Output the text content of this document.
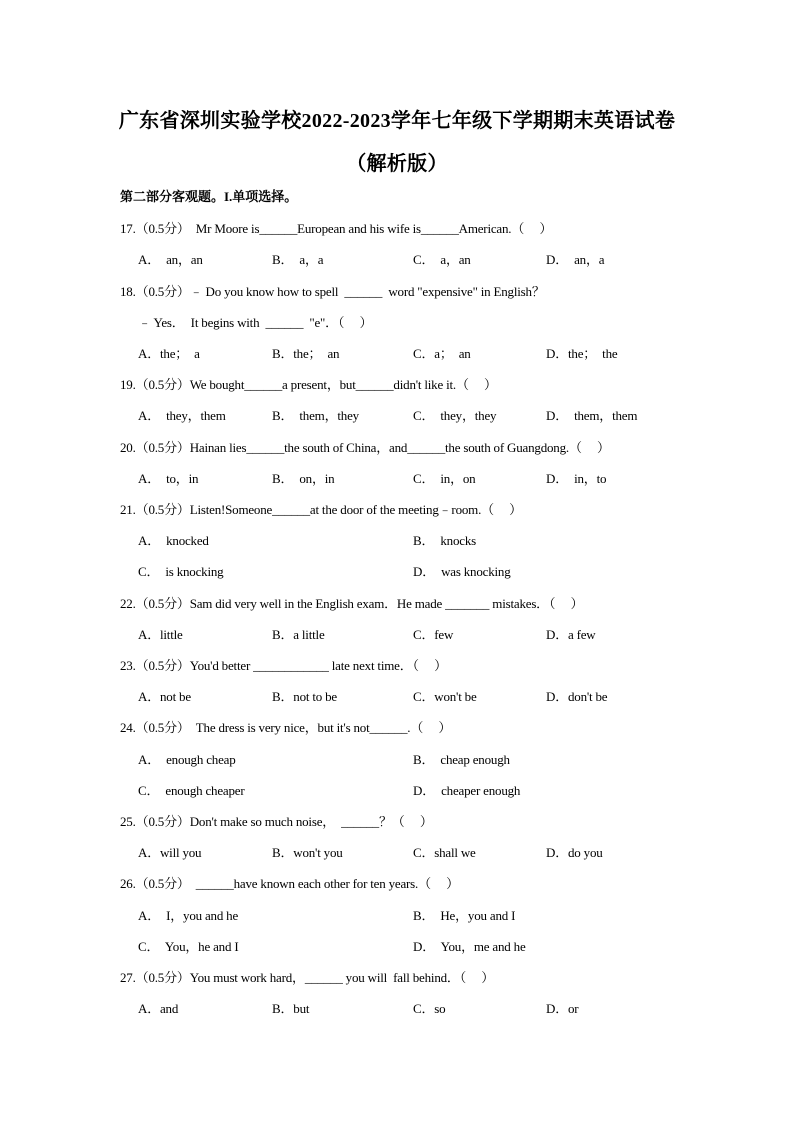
广东省深圳实验学校2022-2023学年七年级下学期期末英语试卷
（解析版）
第二部分客观题。I.单项选择。
17.（0.5分）  Mr Moore is______European and his wife is______American.（     ）
A．  an，an	B．  a，a	C．  a，an	D．  an，a
18.（0.5分）﹣ Do you know how to spell  ______  word "expensive" in English？
﹣ Yes．  It begins with  ______  "e"．（     ）
A．the；  a	B．the；  an	C．a；  an	D．the；  the
19.（0.5分）We bought______a present，but______didn't like it.（     ）
A．  they，them	B．  them，they	C．  they，they	D．  them，them
20.（0.5分）Hainan lies______the south of China，and______the south of Guangdong.（     ）
A．  to，in	B．  on，in	C．  in，on	D．  in，to
21.（0.5分）Listen!Someone______at the door of the meeting﹣room.（     ）
A．  knocked	B．  knocks
C．  is knocking	D．  was knocking
22.（0.5分）Sam did very well in the English exam．He made _______ mistakes．（     ）
A．little	B．a little	C．few	D．a few
23.（0.5分）You'd better ____________ late next time．（     ）
A．not be	B．not to be	C．won't be	D．don't be
24.（0.5分）  The dress is very nice，but it's not______.（     ）
A．  enough cheap	B．  cheap enough
C．  enough cheaper	D．  cheaper enough
25.（0.5分）Don't make so much noise，  ______？（     ）
A．will you	B．won't you	C．shall we	D．do you
26.（0.5分）  ______have known each other for ten years.（     ）
A．  I，you and he	B．  He，you and I
C．  You，he and I	D．  You，me and he
27.（0.5分）You must work hard，______ you will  fall behind．（     ）
A．and	B．but	C．so	D．or
